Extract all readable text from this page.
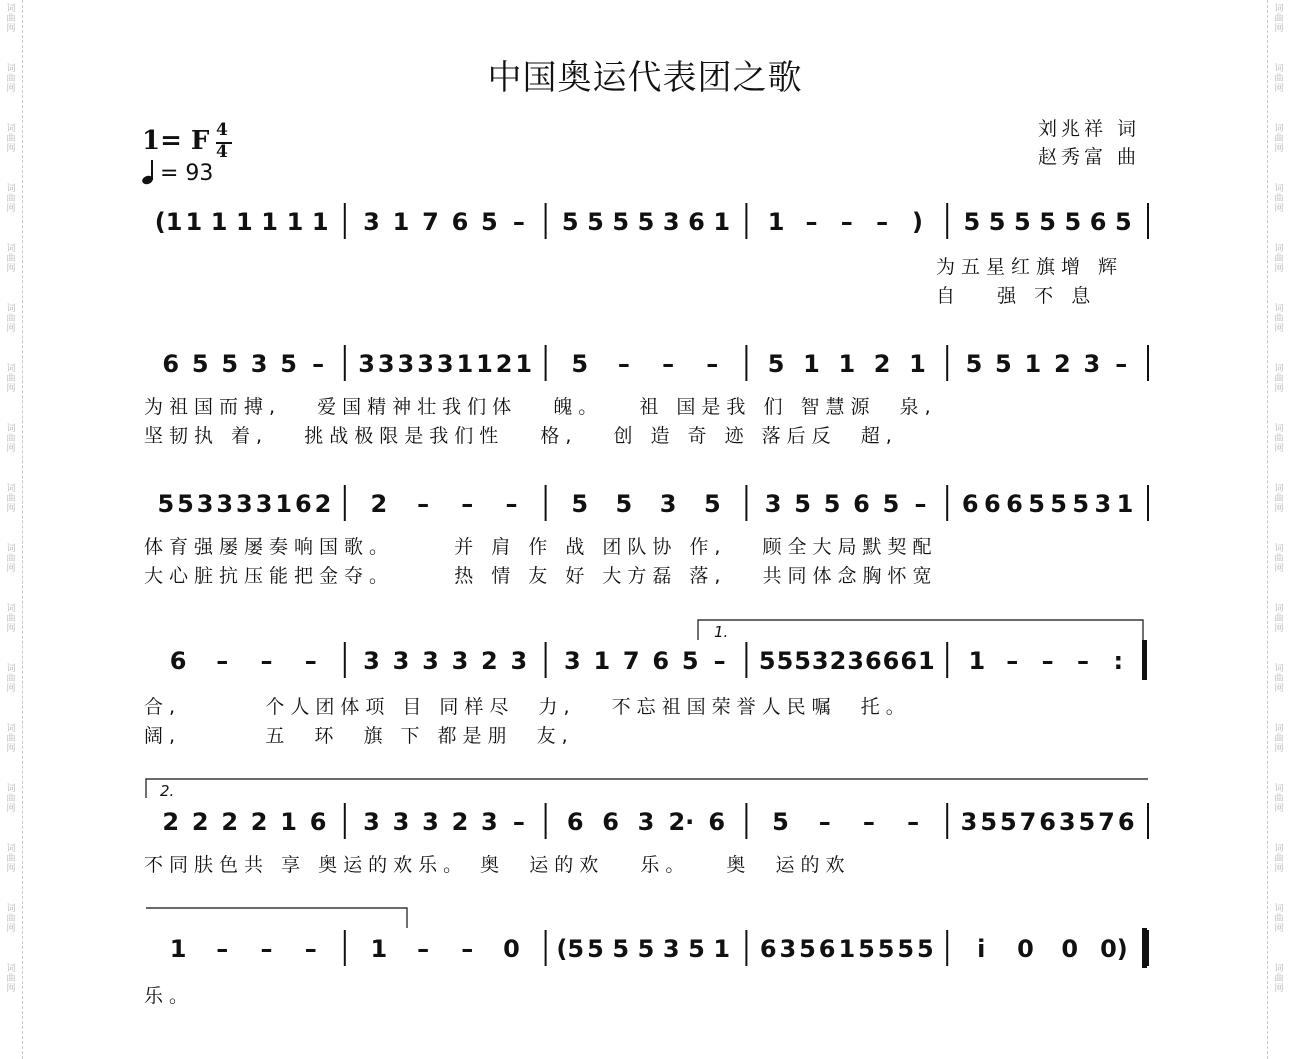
词
曲
网
词
曲
网
词
曲
网
词
曲
网
词
曲
网
词
曲
网
词
曲
网
词
曲
网
词
曲
网
词
曲
网
词
曲
网
词
曲
网
词
曲
网
词
曲
网
词
曲
网
词
曲
网
词
曲
网
词
曲
网
词
曲
网
词
曲
网
词
曲
网
词
曲
网
词
曲
网
词
曲
网
词
曲
网
词
曲
网
词
曲
网
词
曲
网
词
曲
网
词
曲
网
词
曲
网
词
曲
网
词
曲
网
词
曲
网
中国奥运代表团之歌
刘兆祥 词
赵秀富 曲
1= F 4
4
= 93
(1 1 1 1 1 1 1 3 1 7 6 5 – 5 5 5 5 3 6 1 1 – – – ) 5 5 5 5 5 6 5
6 5 5 3 5 – 3 3 3 3 3 1 1 2 1 5 – – – 5 1 1 2 1 5 5 1 2 3 –
5 5 3 3 3 3 1 6 2 2 – – – 5 5 3 5 3 5 5 6 5 – 6 6 6 5 5 5 3 1
6 – – – 3 3 3 3 2 3 3 1 7 6 5 – 5 5 5 3 2 3 6 6 6 1 1 – – – :
2 2 2 2 1 6 3 3 3 2 3 – 6 6 3 2· 6 5 – – – 3 5 5 7 6 3 5 7 6
1 – – – 1 – – 0 (5 5 5 5 3 5 1 6 3 5 6 1 5 5 5 5 i 0 0 0)
1.
2.
为五星红旗增 辉
自   强 不 息
为祖国而搏,   爱国精神壮我们体   魄。   祖 国是我 们 智慧源  泉,
坚韧执 着,   挑战极限是我们性   格,   创 造 奇 迹 落后反  超,
体育强屡屡奏响国歌。     并 肩 作 战 团队协 作,   顾全大局默契配
大心脏抗压能把金夺。     热 情 友 好 大方磊 落,   共同体念胸怀宽
合,       个人团体项 目 同样尽  力,   不忘祖国荣誉人民嘱  托。
阔,       五  环  旗 下 都是朋  友,
不同肤色共 享 奥运的欢乐。 奥  运的欢   乐。   奥  运的欢
乐。
